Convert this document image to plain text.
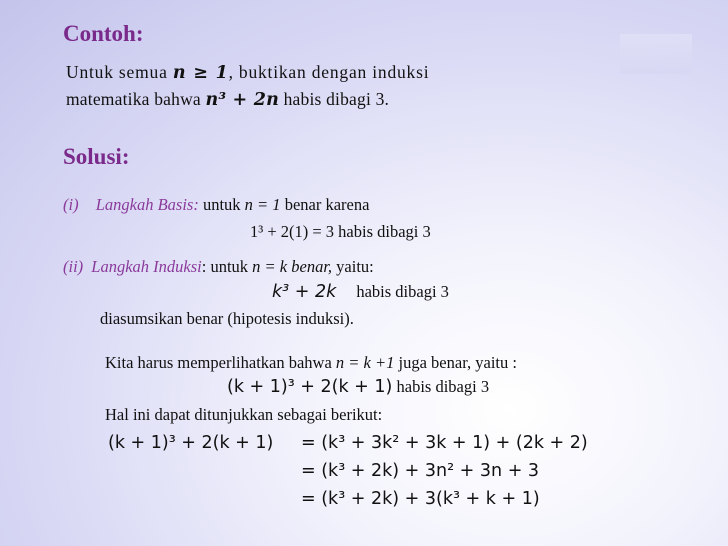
Contoh:
Untuk semua n ≥ 1, buktikan dengan induksi
matematika bahwa n³ + 2n habis dibagi 3.
Solusi:
(i) Langkah Basis: untuk n = 1 benar karena
1³ + 2(1) = 3 habis dibagi 3
(ii) Langkah Induksi: untuk n = k benar, yaitu:
k³ + 2k habis dibagi 3
diasumsikan benar (hipotesis induksi).
Kita harus memperlihatkan bahwa n = k +1 juga benar, yaitu :
(k + 1)³ + 2(k + 1) habis dibagi 3
Hal ini dapat ditunjukkan sebagai berikut:
(k + 1)³ + 2(k + 1) = (k³ + 3k² + 3k + 1) + (2k + 2)
= (k³ + 2k) + 3n² + 3n + 3
= (k³ + 2k) + 3(k³ + k + 1)
